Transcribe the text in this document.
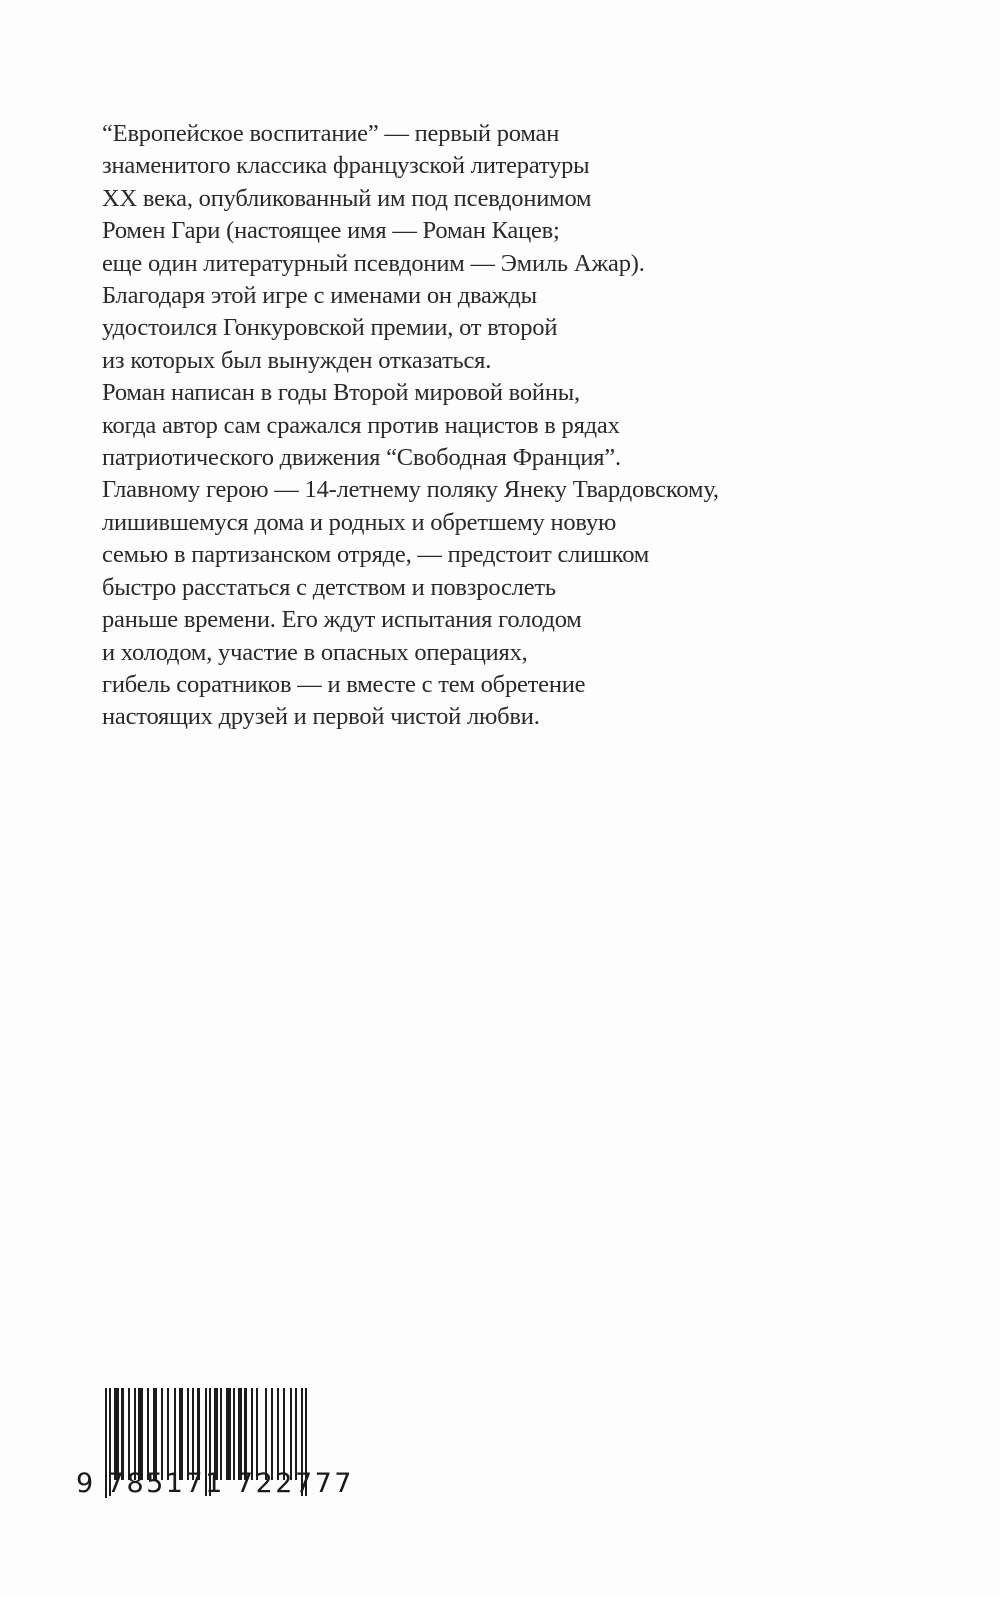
“Европейское воспитание” — первый роман
знаменитого классика французской литературы
XX века, опубликованный им под псевдонимом
Ромен Гари (настоящее имя — Роман Кацев;
еще один литературный псевдоним — Эмиль Ажар).
Благодаря этой игре с именами он дважды
удостоился Гонкуровской премии, от второй
из которых был вынужден отказаться.
Роман написан в годы Второй мировой войны,
когда автор сам сражался против нацистов в рядах
патриотического движения “Свободная Франция”.
Главному герою — 14-летнему поляку Янеку Твардовскому,
лишившемуся дома и родных и обретшему новую
семью в партизанском отряде, — предстоит слишком
быстро расстаться с детством и повзрослеть
раньше времени. Его ждут испытания голодом
и холодом, участие в опасных операциях,
гибель соратников — и вместе с тем обретение
настоящих друзей и первой чистой любви.
9 785171 722777
